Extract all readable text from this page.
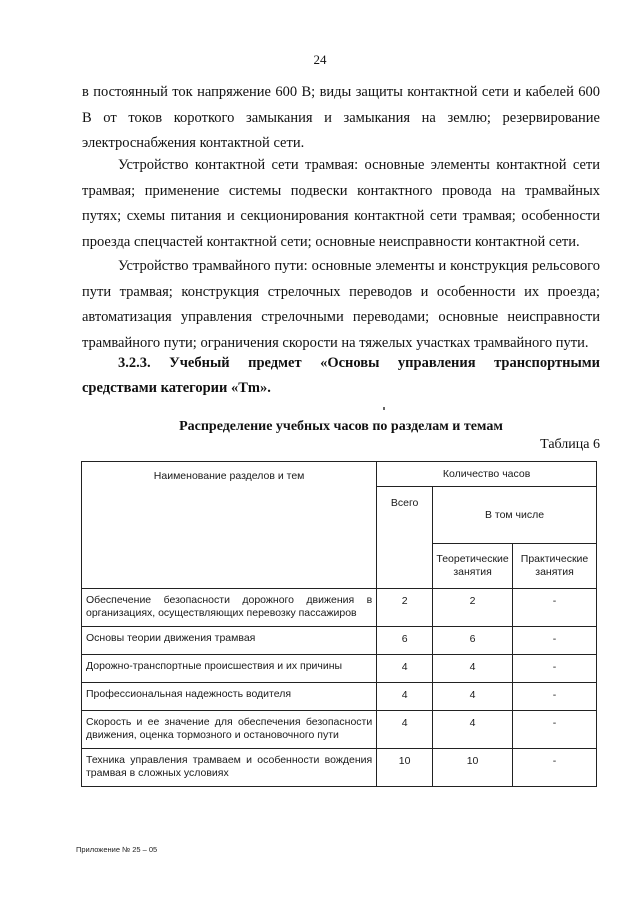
24

в постоянный ток напряжение 600 В; виды защиты контактной сети и кабелей 600 В от токов короткого замыкания и замыкания на землю; резервирование электроснабжения контактной сети.

Устройство контактной сети трамвая: основные элементы контактной сети трамвая; применение системы подвески контактного провода на трамвайных путях; схемы питания и секционирования контактной сети трамвая; особенности проезда спецчастей контактной сети; основные неисправности контактной сети.

Устройство трамвайного пути: основные элементы и конструкция рельсового пути трамвая; конструкция стрелочных переводов и особенности их проезда; автоматизация управления стрелочными переводами; основные неисправности трамвайного пути; ограничения скорости на тяжелых участках трамвайного пути.

3.2.3. Учебный предмет «Основы управления транспортными средствами категории «Tm».

Распределение учебных часов по разделам и темам
Таблица 6
Наименование разделов и тем	Количество часов		
	Всего	В том числе	
		Теоретические занятия	Практические занятия
Обеспечение безопасности дорожного движения в организациях, осуществляющих перевозку пассажиров	2	2	-
Основы теории движения трамвая	6	6	-
Дорожно-транспортные происшествия и их причины	4	4	-
Профессиональная надежность водителя	4	4	-
Скорость и ее значение для обеспечения безопасности движения, оценка тормозного и остановочного пути	4	4	-
Техника управления трамваем и особенности вождения трамвая в сложных условиях	10	10	-
Приложение № 25 – 05
